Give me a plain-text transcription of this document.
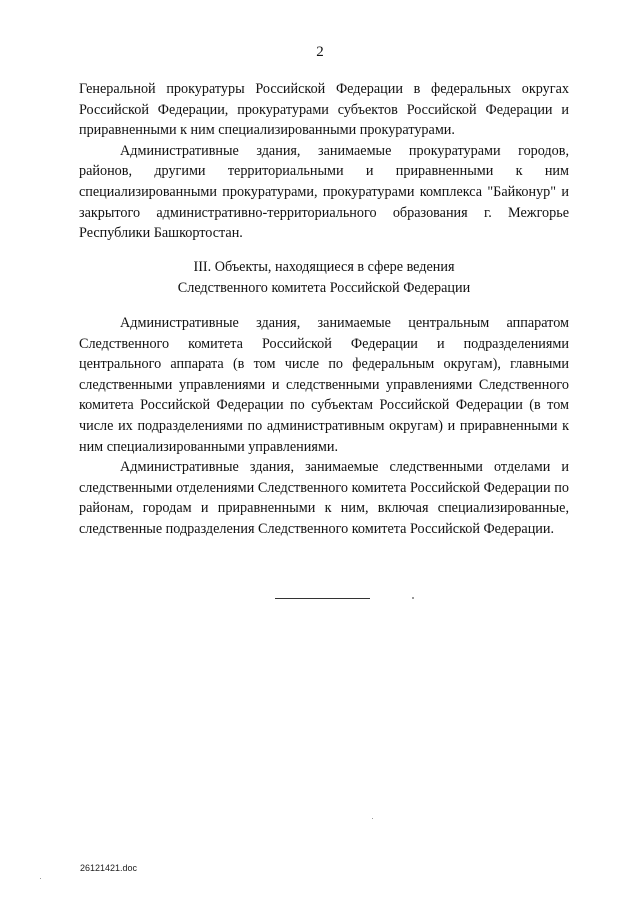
2

Генеральной прокуратуры Российской Федерации в федеральных округах Российской Федерации, прокуратурами субъектов Российской Федерации и приравненными к ним специализированными прокуратурами.

Административные здания, занимаемые прокуратурами городов, районов, другими территориальными и приравненными к ним специализированными прокуратурами, прокуратурами комплекса "Байконур" и закрытого административно-территориального образования г. Межгорье Республики Башкортостан.

III. Объекты, находящиеся в сфере ведения
Следственного комитета Российской Федерации

Административные здания, занимаемые центральным аппаратом Следственного комитета Российской Федерации и подразделениями центрального аппарата (в том числе по федеральным округам), главными следственными управлениями и следственными управлениями Следственного комитета Российской Федерации по субъектам Российской Федерации (в том числе их подразделениями по административным округам) и приравненными к ним специализированными управлениями.

Административные здания, занимаемые следственными отделами и следственными отделениями Следственного комитета Российской Федерации по районам, городам и приравненными к ним, включая специализированные, следственные подразделения Следственного комитета Российской Федерации.

26121421.doc
